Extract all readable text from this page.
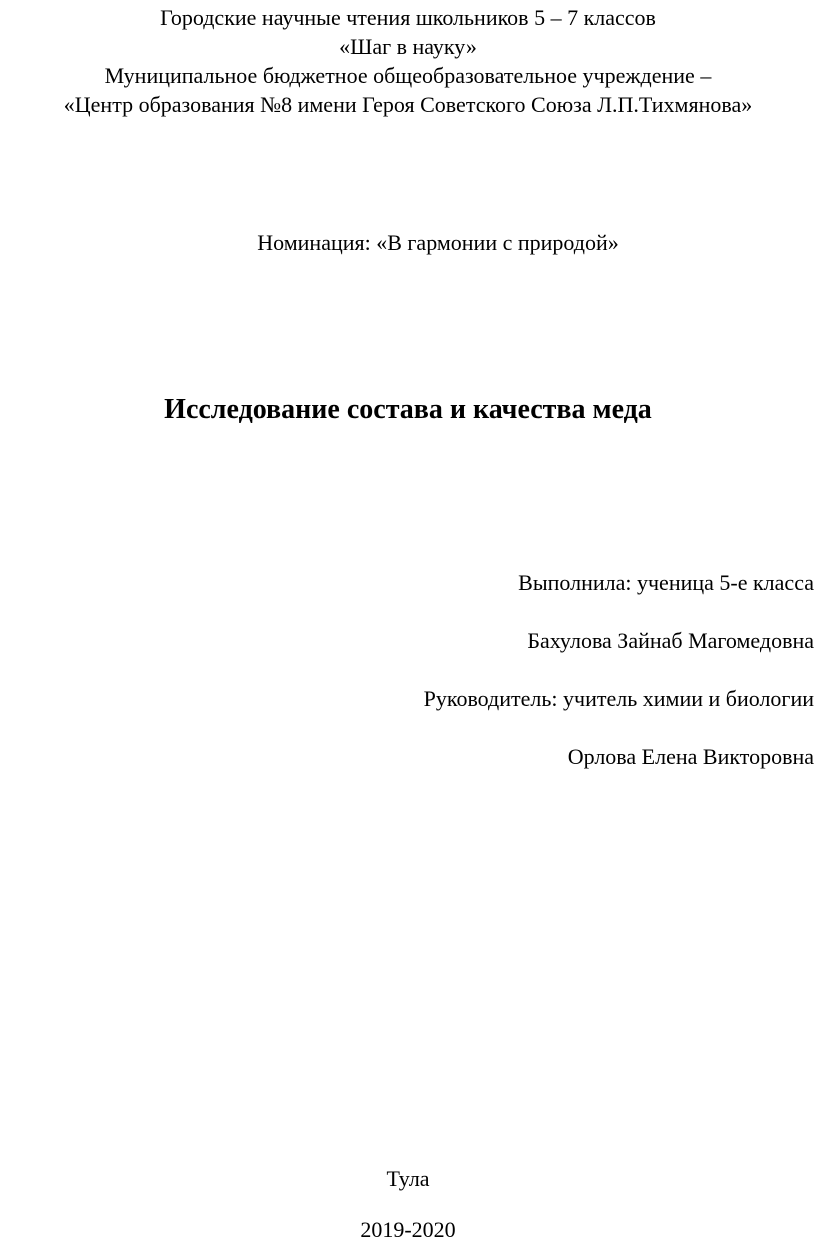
Городские научные чтения школьников 5 – 7 классов
«Шаг в науку»
Муниципальное бюджетное общеобразовательное учреждение –
«Центр образования №8 имени Героя Советского Союза Л.П.Тихмянова»
Номинация: «В гармонии с природой»
Исследование состава и качества меда
Выполнила: ученица 5-е класса
Бахулова Зайнаб Магомедовна
Руководитель: учитель химии и биологии
Орлова Елена Викторовна
Тула
2019-2020
